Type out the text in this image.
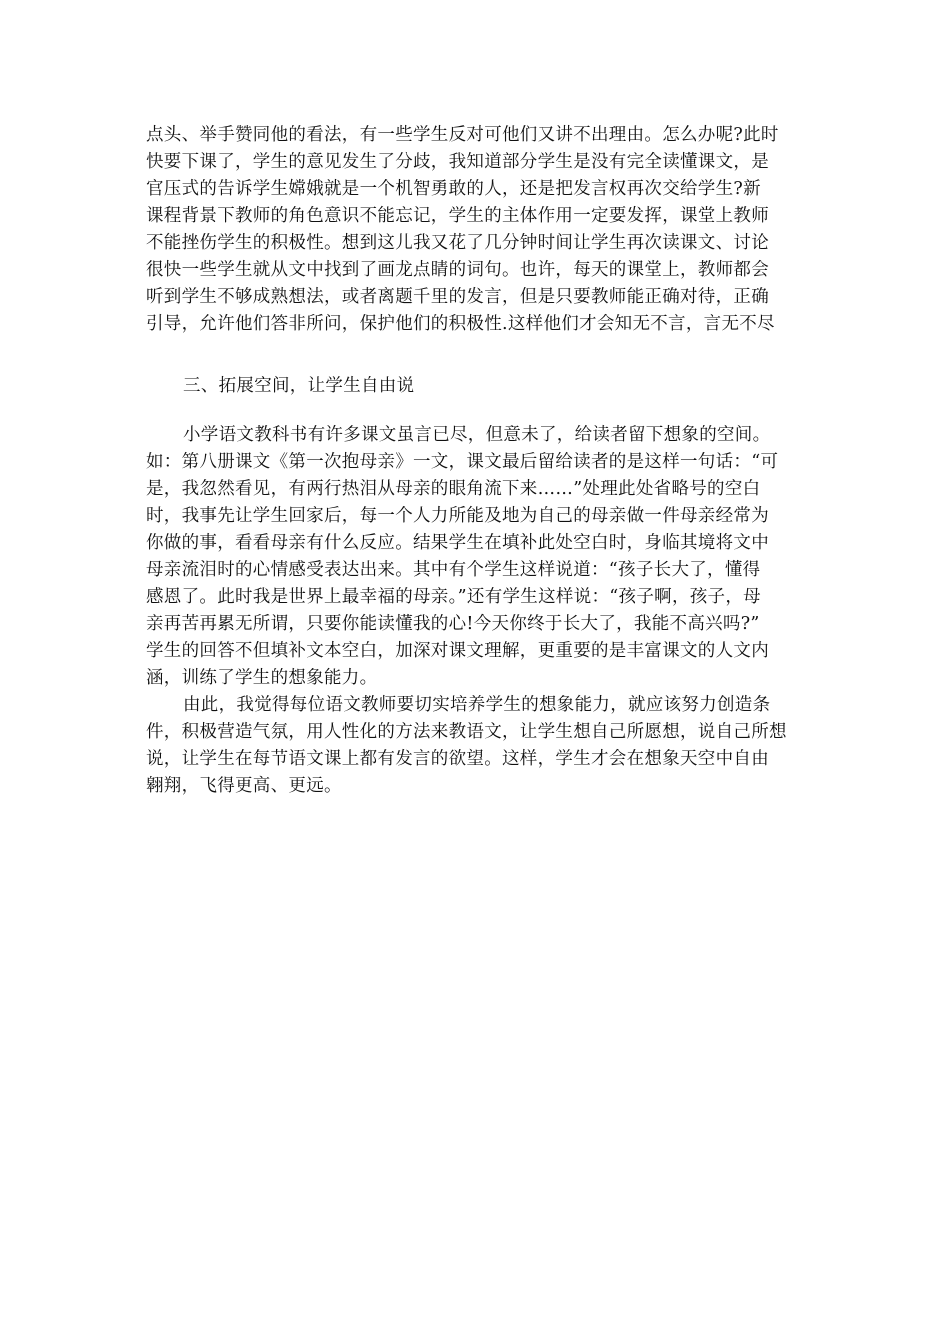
点头、举手赞同他的看法，有一些学生反对可他们又讲不出理由。怎么办呢?此时
快要下课了，学生的意见发生了分歧，我知道部分学生是没有完全读懂课文，是
官压式的告诉学生嫦娥就是一个机智勇敢的人，还是把发言权再次交给学生?新
课程背景下教师的角色意识不能忘记，学生的主体作用一定要发挥，课堂上教师
不能挫伤学生的积极性。想到这儿我又花了几分钟时间让学生再次读课文、讨论
很快一些学生就从文中找到了画龙点睛的词句。也许，每天的课堂上，教师都会
听到学生不够成熟想法，或者离题千里的发言，但是只要教师能正确对待，正确
引导，允许他们答非所问，保护他们的积极性.这样他们才会知无不言，言无不尽
三、拓展空间，让学生自由说
小学语文教科书有许多课文虽言已尽，但意未了，给读者留下想象的空间。
如：第八册课文《第一次抱母亲》一文，课文最后留给读者的是这样一句话：“可
是，我忽然看见，有两行热泪从母亲的眼角流下来……”处理此处省略号的空白
时，我事先让学生回家后，每一个人力所能及地为自己的母亲做一件母亲经常为
你做的事，看看母亲有什么反应。结果学生在填补此处空白时，身临其境将文中
母亲流泪时的心情感受表达出来。其中有个学生这样说道：“孩子长大了，懂得
感恩了。此时我是世界上最幸福的母亲。”还有学生这样说：“孩子啊，孩子，母
亲再苦再累无所谓，只要你能读懂我的心!今天你终于长大了，我能不高兴吗?”
学生的回答不但填补文本空白，加深对课文理解，更重要的是丰富课文的人文内
涵，训练了学生的想象能力。
由此，我觉得每位语文教师要切实培养学生的想象能力，就应该努力创造条
件，积极营造气氛，用人性化的方法来教语文，让学生想自己所愿想，说自己所想
说，让学生在每节语文课上都有发言的欲望。这样，学生才会在想象天空中自由
翱翔，飞得更高、更远。
